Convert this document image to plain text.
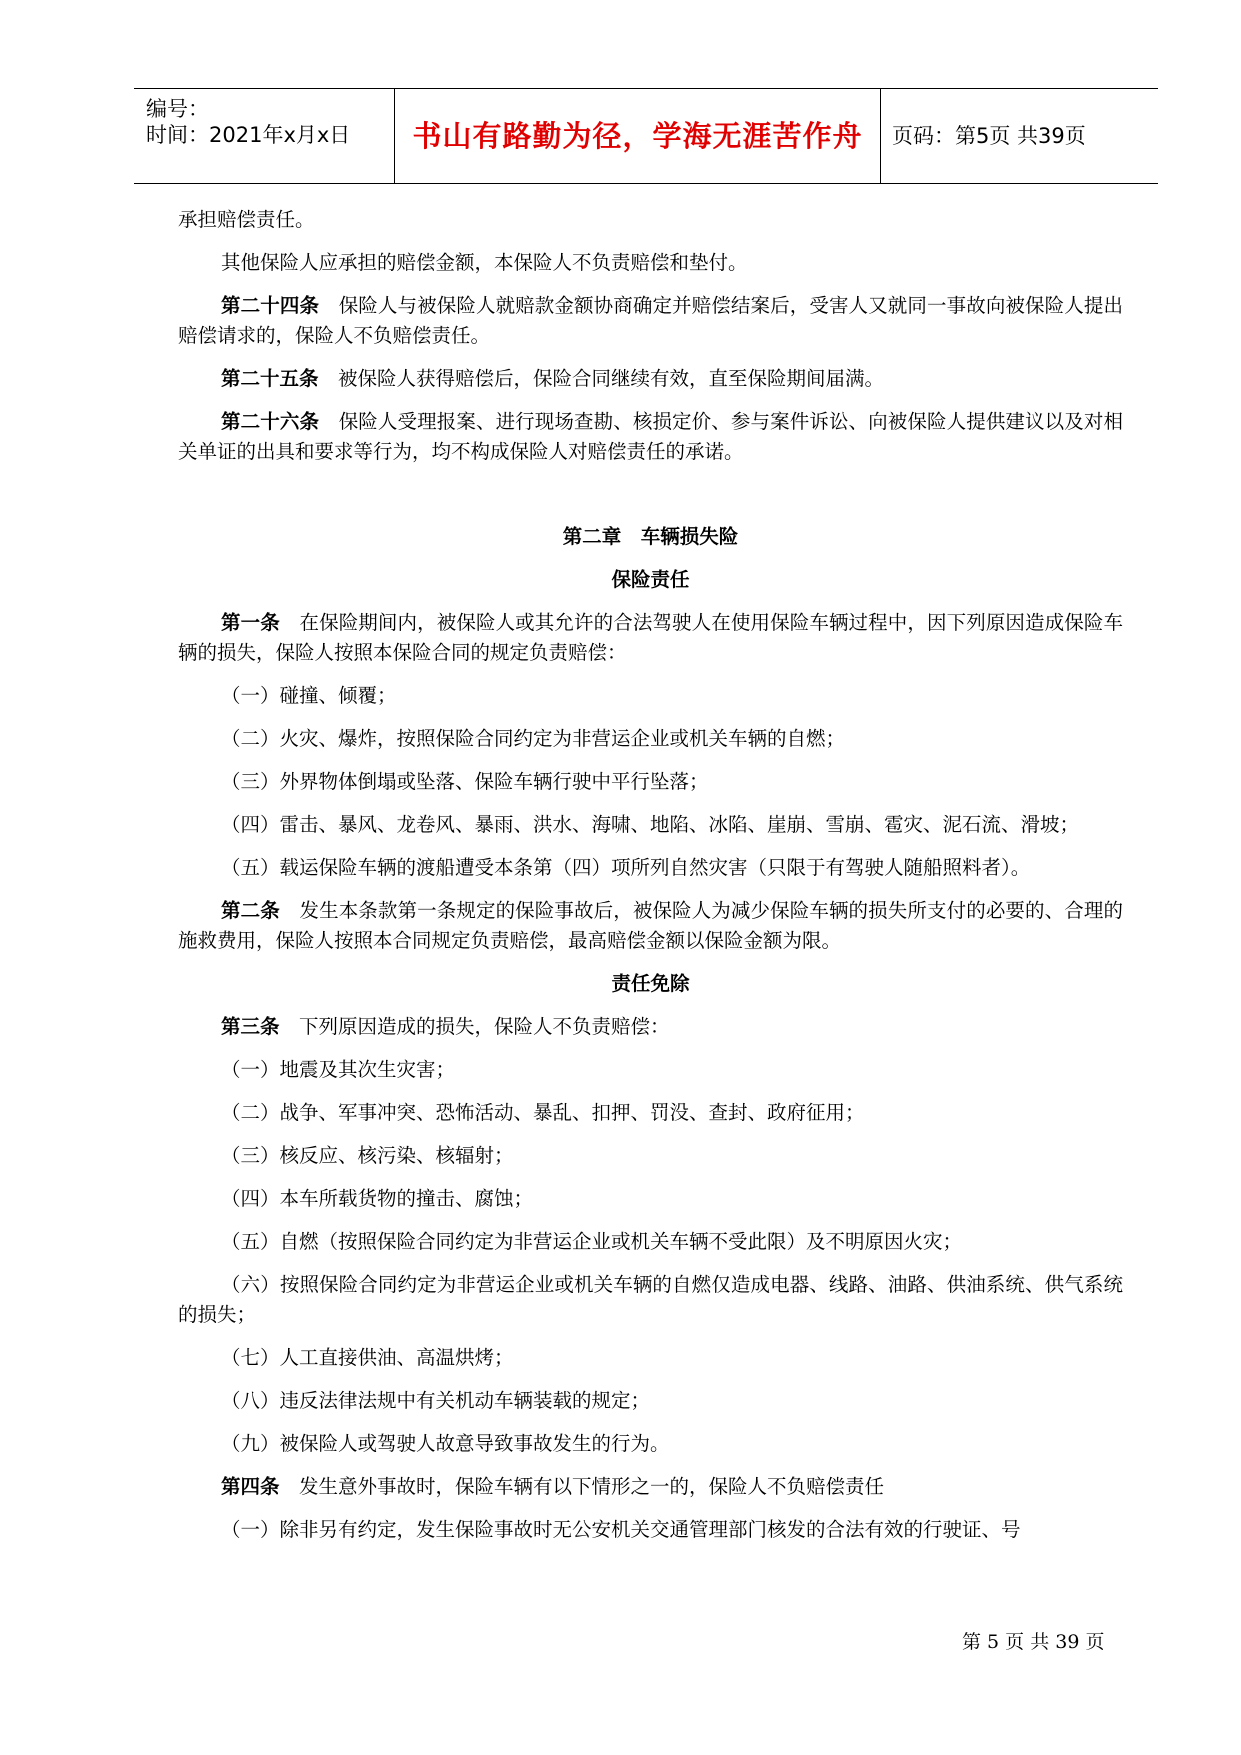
编号：
时间：2021年x月x日	书山有路勤为径，学海无涯苦作舟	页码：第5页 共39页

承担赔偿责任。

其他保险人应承担的赔偿金额，本保险人不负责赔偿和垫付。

第二十四条　 保险人与被保险人就赔款金额协商确定并赔偿结案后，受害人又就同一事故向被保险人提出赔偿请求的，保险人不负赔偿责任。

第二十五条　 被保险人获得赔偿后，保险合同继续有效，直至保险期间届满。

第二十六条　 保险人受理报案、进行现场查勘、核损定价、参与案件诉讼、向被保险人提供建议以及对相关单证的出具和要求等行为，均不构成保险人对赔偿责任的承诺。

第二章　车辆损失险
保险责任

第一条　 在保险期间内，被保险人或其允许的合法驾驶人在使用保险车辆过程中，因下列原因造成保险车辆的损失，保险人按照本保险合同的规定负责赔偿：

（一）碰撞、倾覆；

（二）火灾、爆炸，按照保险合同约定为非营运企业或机关车辆的自燃；

（三）外界物体倒塌或坠落、保险车辆行驶中平行坠落；

（四）雷击、暴风、龙卷风、暴雨、洪水、海啸、地陷、冰陷、崖崩、雪崩、雹灾、泥石流、滑坡；

（五）载运保险车辆的渡船遭受本条第（四）项所列自然灾害（只限于有驾驶人随船照料者）。

第二条　 发生本条款第一条规定的保险事故后，被保险人为减少保险车辆的损失所支付的必要的、合理的施救费用，保险人按照本合同规定负责赔偿，最高赔偿金额以保险金额为限。

责任免除

第三条　 下列原因造成的损失，保险人不负责赔偿：

（一）地震及其次生灾害；

（二）战争、军事冲突、恐怖活动、暴乱、扣押、罚没、查封、政府征用；

（三）核反应、核污染、核辐射；

（四）本车所载货物的撞击、腐蚀；

（五）自燃（按照保险合同约定为非营运企业或机关车辆不受此限）及不明原因火灾；

（六）按照保险合同约定为非营运企业或机关车辆的自燃仅造成电器、线路、油路、供油系统、供气系统的损失；

（七）人工直接供油、高温烘烤；

（八）违反法律法规中有关机动车辆装载的规定；

（九）被保险人或驾驶人故意导致事故发生的行为。

第四条　 发生意外事故时，保险车辆有以下情形之一的，保险人不负赔偿责任

（一）除非另有约定，发生保险事故时无公安机关交通管理部门核发的合法有效的行驶证、号

第 5 页 共 39 页
